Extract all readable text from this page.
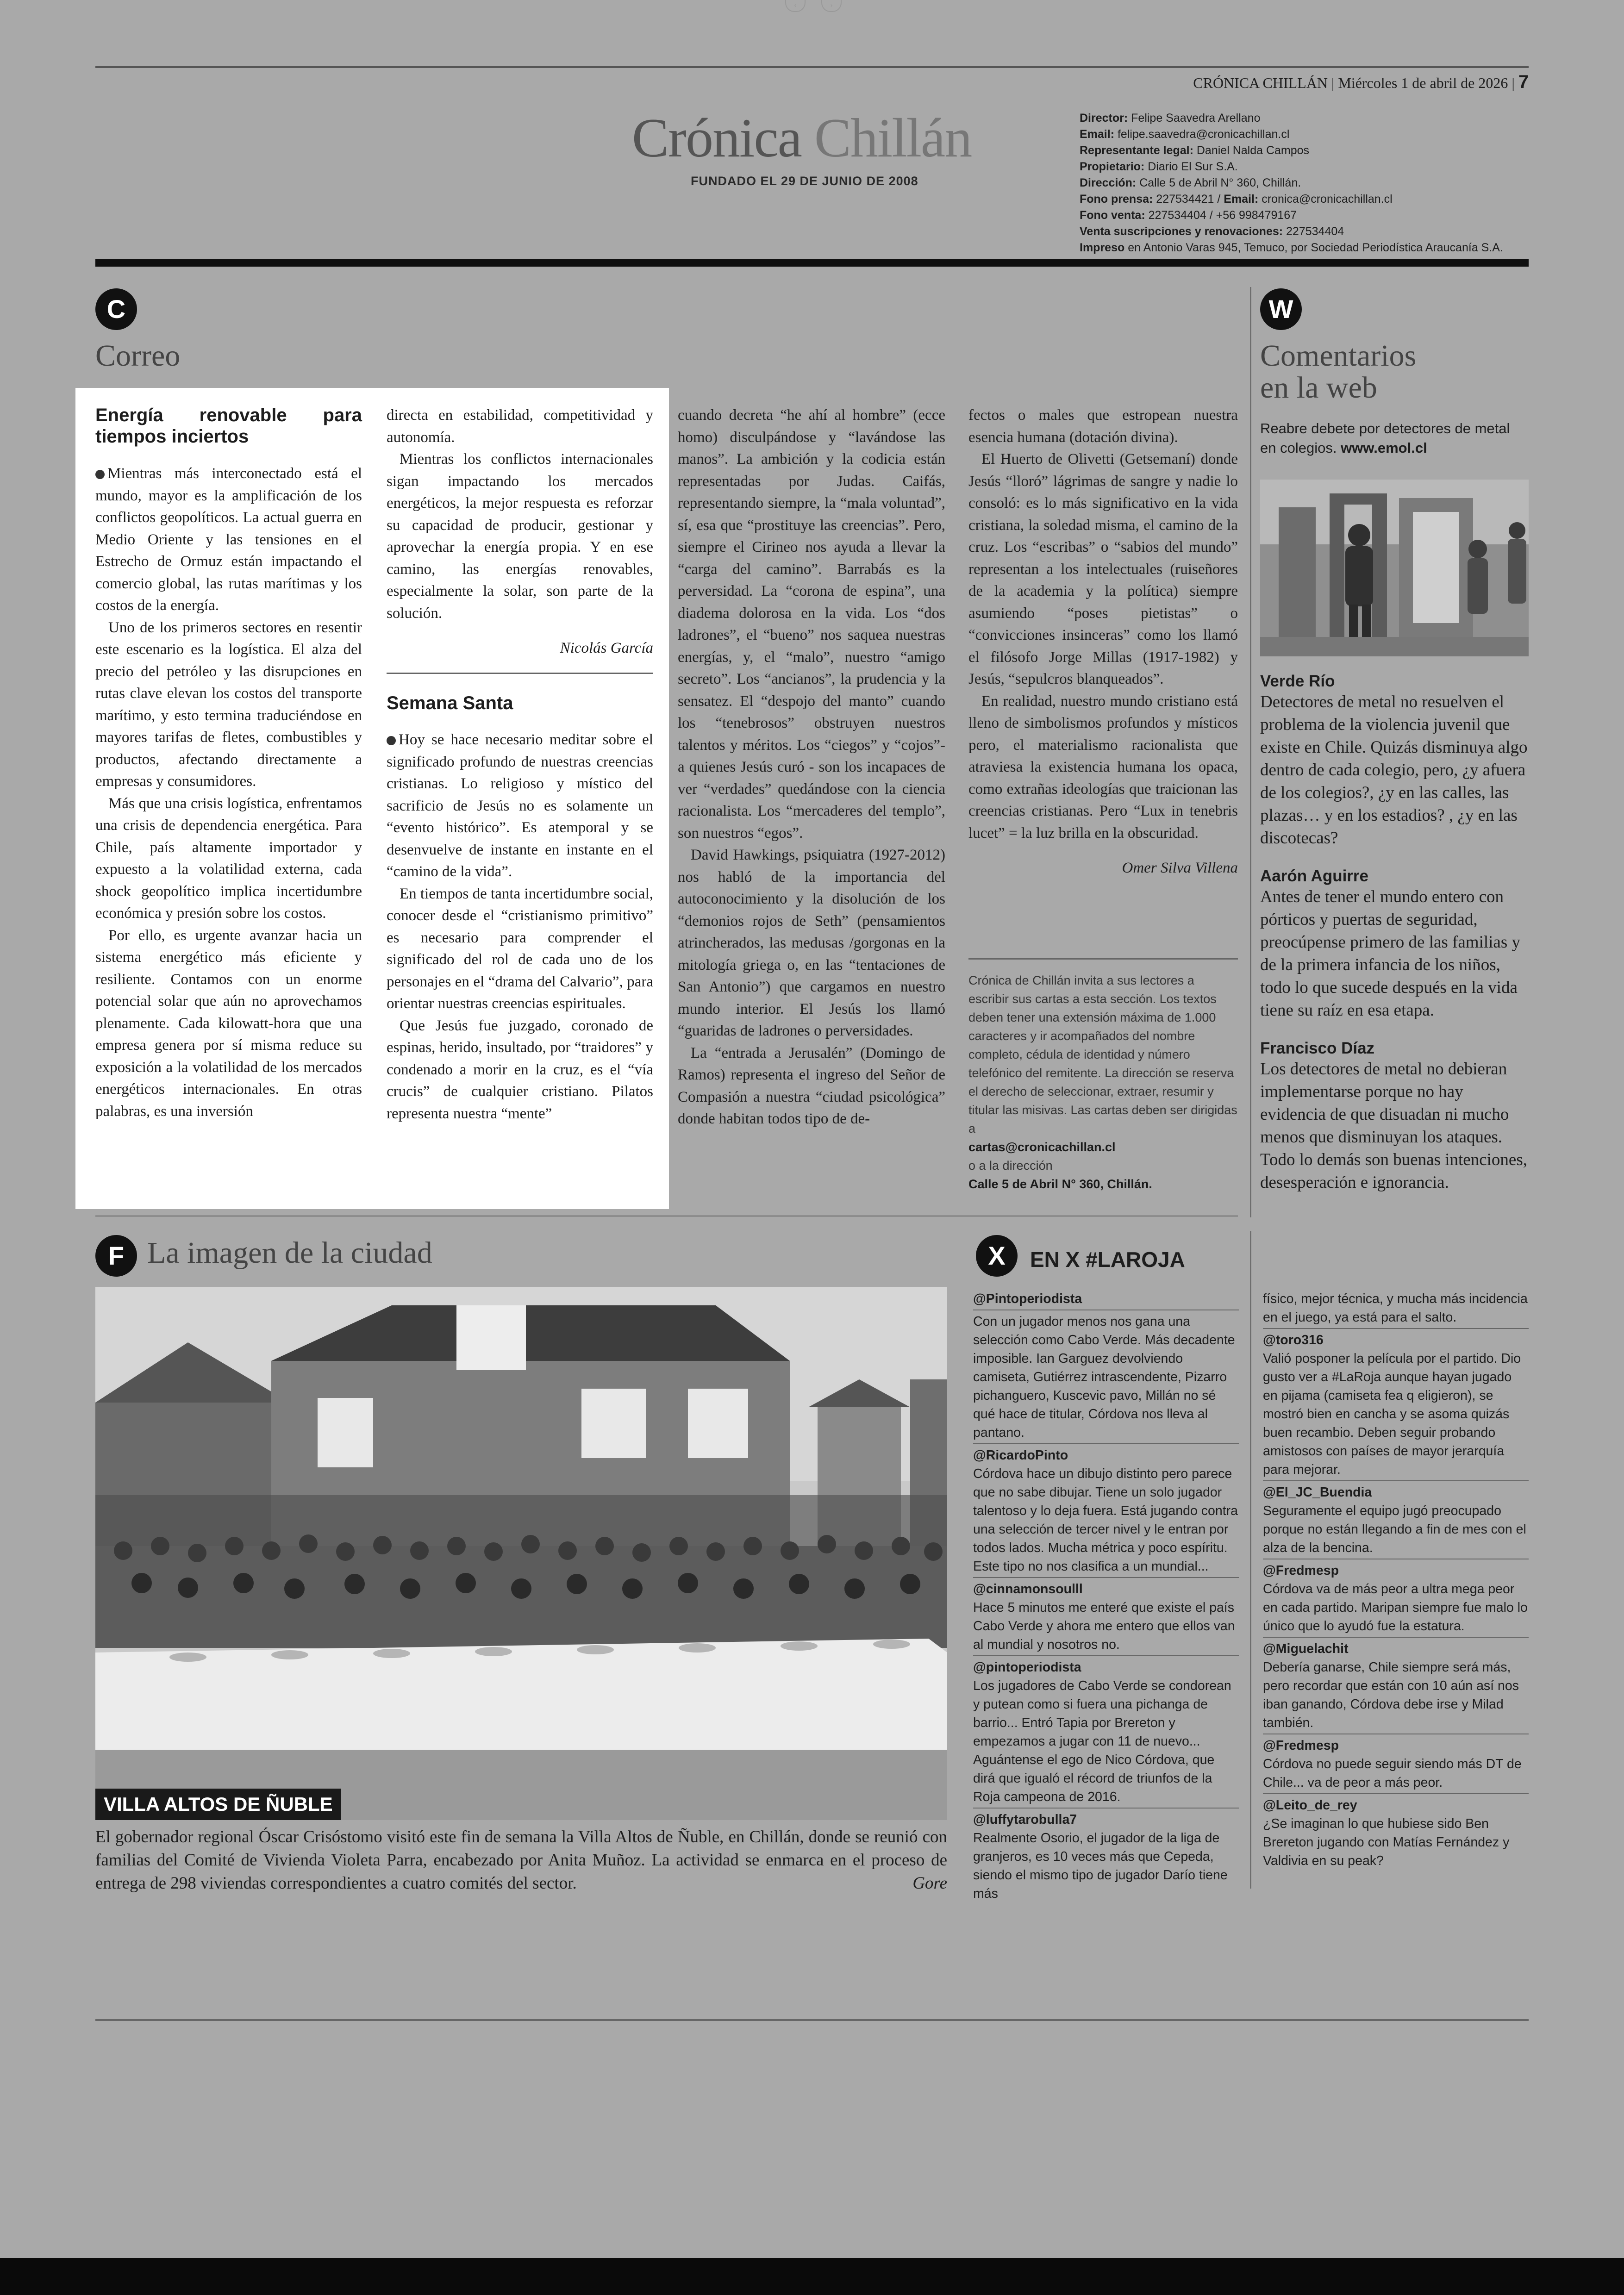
‹	›
CRÓNICA CHILLÁN | Miércoles 1 de abril de 2026 | 7
Crónica Chillán
FUNDADO EL 29 DE JUNIO DE 2008
Director: Felipe Saavedra Arellano
Email: felipe.saavedra@cronicachillan.cl
Representante legal: Daniel Nalda Campos
Propietario: Diario El Sur S.A.
Dirección: Calle 5 de Abril N° 360, Chillán.
Fono prensa: 227534421 / Email: cronica@cronicachillan.cl
Fono venta: 227534404 / +56 998479167
Venta suscripciones y renovaciones: 227534404
Impreso en Antonio Varas 945, Temuco, por Sociedad Periodística Araucanía S.A.
C
Correo
Energía renovable para tiempos inciertos

Mientras más interconectado está el mundo, mayor es la amplificación de los conflictos geopolíticos. La actual guerra en Medio Oriente y las tensiones en el Estrecho de Ormuz están impactando el comercio global, las rutas marítimas y los costos de la energía.

Uno de los primeros sectores en resentir este escenario es la logística. El alza del precio del petróleo y las disrupciones en rutas clave elevan los costos del transporte marítimo, y esto termina traduciéndose en mayores tarifas de fletes, combustibles y productos, afectando directamente a empresas y consumidores.

Más que una crisis logística, enfrentamos una crisis de dependencia energética. Para Chile, país altamente importador y expuesto a la volatilidad externa, cada shock geopolítico implica incertidumbre económica y presión sobre los costos.

Por ello, es urgente avanzar hacia un sistema energético más eficiente y resiliente. Contamos con un enorme potencial solar que aún no aprovechamos plenamente. Cada kilowatt-hora que una empresa genera por sí misma reduce su exposición a la volatilidad de los mercados energéticos internacionales. En otras palabras, es una inversión

directa en estabilidad, competitividad y autonomía.

Mientras los conflictos internacionales sigan impactando los mercados energéticos, la mejor respuesta es reforzar su capacidad de producir, gestionar y aprovechar la energía propia. Y en ese camino, las energías renovables, especialmente la solar, son parte de la solución.

Nicolás García
Semana Santa

Hoy se hace necesario meditar sobre el significado profundo de nuestras creencias cristianas. Lo religioso y místico del sacrificio de Jesús no es solamente un “evento histórico”. Es atemporal y se desenvuelve de instante en instante en el “camino de la vida”.

En tiempos de tanta incertidumbre social, conocer desde el “cristianismo primitivo” es necesario para comprender el significado del rol de cada uno de los personajes en el “drama del Calvario”, para orientar nuestras creencias espirituales.

Que Jesús fue juzgado, coronado de espinas, herido, insultado, por “traidores” y condenado a morir en la cruz, es el “vía crucis” de cualquier cristiano. Pilatos representa nuestra “mente”

cuando decreta “he ahí al hombre” (ecce homo) disculpándose y “lavándose las manos”. La ambición y la codicia están representadas por Judas. Caifás, representando siempre, la “mala voluntad”, sí, esa que “prostituye las creencias”. Pero, siempre el Cirineo nos ayuda a llevar la “carga del camino”. Barrabás es la perversidad. La “corona de espina”, una diadema dolorosa en la vida. Los “dos ladrones”, el “bueno” nos saquea nuestras energías, y, el “malo”, nuestro “amigo secreto”. Los “ancianos”, la prudencia y la sensatez. El “despojo del manto” cuando los “tenebrosos” obstruyen nuestros talentos y méritos. Los “ciegos” y “cojos”- a quienes Jesús curó - son los incapaces de ver “verdades” quedándose con la ciencia racionalista. Los “mercaderes del templo”, son nuestros “egos”.

David Hawkings, psiquiatra (1927-2012) nos habló de la importancia del autoconocimiento y la disolución de los “demonios rojos de Seth” (pensamientos atrincherados, las medusas /gorgonas en la mitología griega o, en las “tentaciones de San Antonio”) que cargamos en nuestro mundo interior. El Jesús los llamó “guaridas de ladrones o perversidades.

La “entrada a Jerusalén” (Domingo de Ramos) representa el ingreso del Señor de Compasión a nuestra “ciudad psicológica” donde habitan todos tipo de de-

fectos o males que estropean nuestra esencia humana (dotación divina).

El Huerto de Olivetti (Getsemaní) donde Jesús “lloró” lágrimas de sangre y nadie lo consoló: es lo más significativo en la vida cristiana, la soledad misma, el camino de la cruz. Los “escribas” o “sabios del mundo” representan a los intelectuales (ruiseñores de la academia y la política) siempre asumiendo “poses pietistas” o “convicciones insinceras” como los llamó el filósofo Jorge Millas (1917-1982) y Jesús, “sepulcros blanqueados”.

En realidad, nuestro mundo cristiano está lleno de simbolismos profundos y místicos pero, el materialismo racionalista que atraviesa la existencia humana los opaca, como extrañas ideologías que traicionan las creencias cristianas. Pero “Lux in tenebris lucet” = la luz brilla en la obscuridad.

Omer Silva Villena
Crónica de Chillán invita a sus lectores a escribir sus cartas a esta sección. Los textos deben tener una extensión máxima de 1.000 caracteres y ir acompañados del nombre completo, cédula de identidad y número telefónico del remitente. La dirección se reserva el derecho de seleccionar, extraer, resumir y titular las misivas. Las cartas deben ser dirigidas a
cartas@cronicachillan.cl
o a la dirección
Calle 5 de Abril N° 360, Chillán.
W
Comentarios
en la web
Reabre debete por detectores de metal en colegios. www.emol.cl
Verde Río
Detectores de metal no resuelven el problema de la violencia juvenil que existe en Chile. Quizás disminuya algo dentro de cada colegio, pero, ¿y afuera de los colegios?, ¿y en las calles, las plazas… y en los estadios? , ¿y en las discotecas?
Aarón Aguirre
Antes de tener el mundo entero con pórticos y puertas de seguridad, preocúpense primero de las familias y de la primera infancia de los niños, todo lo que sucede después en la vida tiene su raíz en esa etapa.
Francisco Díaz
Los detectores de metal no debieran implementarse porque no hay evidencia de que disuadan ni mucho menos que disminuyan los ataques. Todo lo demás son buenas intenciones, desesperación e ignorancia.
F La imagen de la ciudad
VILLA ALTOS DE ÑUBLE
El gobernador regional Óscar Crisóstomo visitó este fin de semana la Villa Altos de Ñuble, en Chillán, donde se reunió con familias del Comité de Vivienda Violeta Parra, encabezado por Anita Muñoz. La actividad se enmarca en el proceso de entrega de 298 viviendas correspondientes a cuatro comités del sector.	Gore
X	EN X #LAROJA
@Pintoperiodista
Con un jugador menos nos gana una selección como Cabo Verde. Más decadente imposible. Ian Garguez devolviendo camiseta, Gutiérrez intrascendente, Pizarro pichanguero, Kuscevic pavo, Millán no sé qué hace de titular, Córdova nos lleva al pantano.
@RicardoPinto
Córdova hace un dibujo distinto pero parece que no sabe dibujar. Tiene un solo jugador talentoso y lo deja fuera. Está jugando contra una selección de tercer nivel y le entran por todos lados. Mucha métrica y poco espíritu. Este tipo no nos clasifica a un mundial...
@cinnamonsoulll
Hace 5 minutos me enteré que existe el país Cabo Verde y ahora me entero que ellos van al mundial y nosotros no.
@pintoperiodista
Los jugadores de Cabo Verde se condorean y putean como si fuera una pichanga de barrio... Entró Tapia por Brereton y empezamos a jugar con 11 de nuevo... Aguántense el ego de Nico Córdova, que dirá que igualó el récord de triunfos de la Roja campeona de 2016.
@luffytarobulla7
Realmente Osorio, el jugador de la liga de granjeros, es 10 veces más que Cepeda, siendo el mismo tipo de jugador Darío tiene más
físico, mejor técnica, y mucha más incidencia en el juego, ya está para el salto.
@toro316
Valió posponer la película por el partido. Dio gusto ver a #LaRoja aunque hayan jugado en pijama (camiseta fea q eligieron), se mostró bien en cancha y se asoma quizás buen recambio. Deben seguir probando amistosos con países de mayor jerarquía para mejorar.
@El_JC_Buendia
Seguramente el equipo jugó preocupado porque no están llegando a fin de mes con el alza de la bencina.
@Fredmesp
Córdova va de más peor a ultra mega peor en cada partido. Maripan siempre fue malo lo único que lo ayudó fue la estatura.
@Miguelachit
Debería ganarse, Chile siempre será más, pero recordar que están con 10 aún así nos iban ganando, Córdova debe irse y Milad también.
@Fredmesp
Córdova no puede seguir siendo más DT de Chile... va de peor a más peor.
@Leito_de_rey
¿Se imaginan lo que hubiese sido Ben Brereton jugando con Matías Fernández y Valdivia en su peak?
